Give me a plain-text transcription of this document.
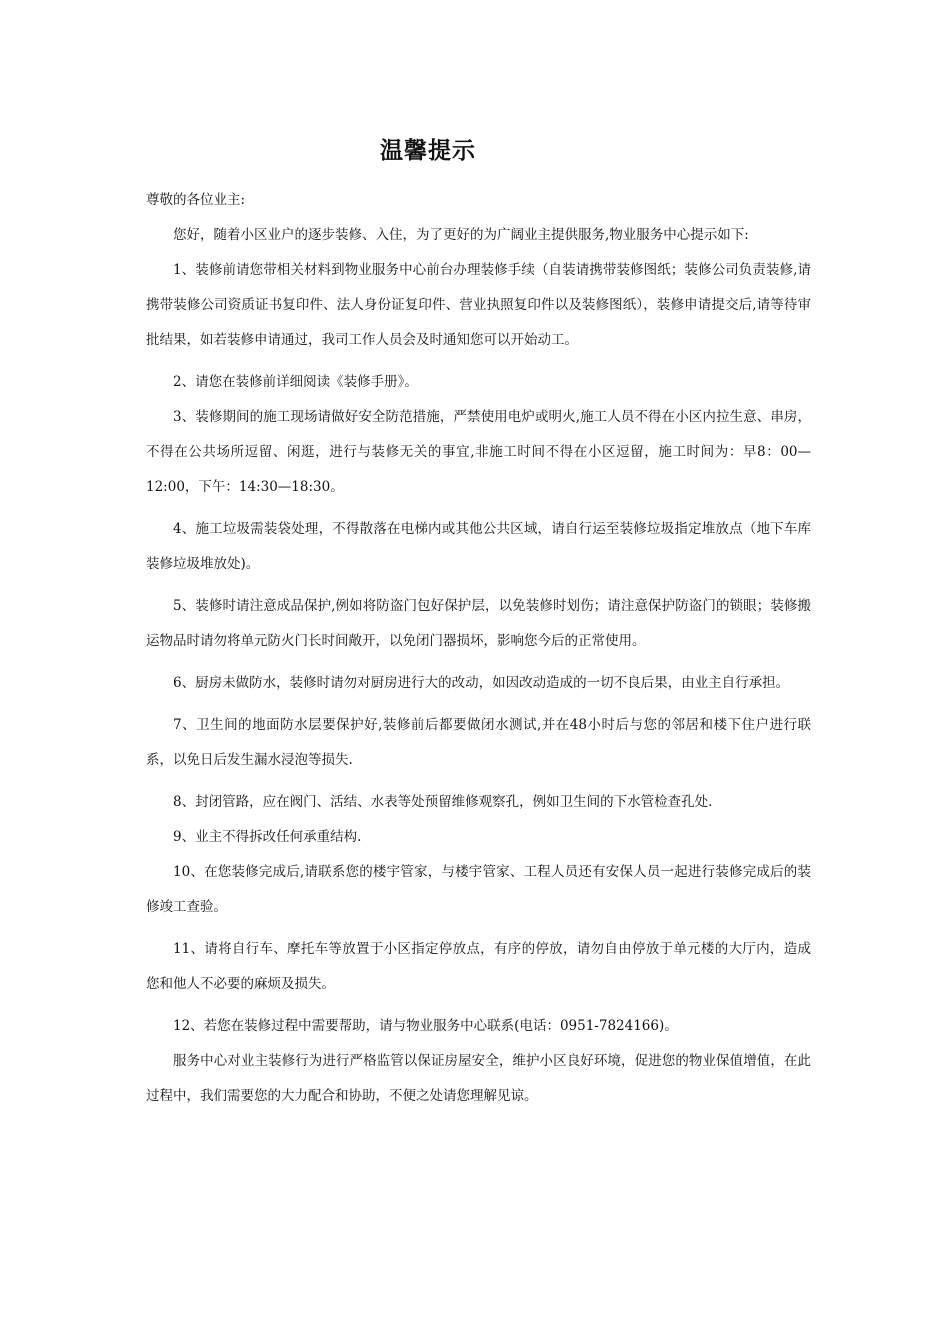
温馨提示

尊敬的各位业主:

您好，随着小区业户的逐步装修、入住，为了更好的为广阔业主提供服务,物业服务中心提示如下:

1、装修前请您带相关材料到物业服务中心前台办理装修手续（自装请携带装修图纸；装修公司负责装修,请携带装修公司资质证书复印件、法人身份证复印件、营业执照复印件以及装修图纸），装修申请提交后,请等待审批结果，如若装修申请通过，我司工作人员会及时通知您可以开始动工。

2、请您在装修前详细阅读《装修手册》。

3、装修期间的施工现场请做好安全防范措施，严禁使用电炉或明火,施工人员不得在小区内拉生意、串房，不得在公共场所逗留、闲逛，进行与装修无关的事宜,非施工时间不得在小区逗留，施工时间为：早8：00—12:00，下午：14:30—18:30。

4、施工垃圾需装袋处理，不得散落在电梯内或其他公共区域，请自行运至装修垃圾指定堆放点（地下车库装修垃圾堆放处)。

5、装修时请注意成品保护,例如将防盗门包好保护层，以免装修时划伤；请注意保护防盗门的锁眼；装修搬运物品时请勿将单元防火门长时间敞开，以免闭门器损坏，影响您今后的正常使用。

6、厨房未做防水，装修时请勿对厨房进行大的改动，如因改动造成的一切不良后果，由业主自行承担。

7、卫生间的地面防水层要保护好,装修前后都要做闭水测试,并在48小时后与您的邻居和楼下住户进行联系，以免日后发生漏水浸泡等损失.

8、封闭管路，应在阀门、活结、水表等处预留维修观察孔，例如卫生间的下水管检查孔处.

9、业主不得拆改任何承重结构.

10、在您装修完成后,请联系您的楼宇管家，与楼宇管家、工程人员还有安保人员一起进行装修完成后的装修竣工查验。

11、请将自行车、摩托车等放置于小区指定停放点，有序的停放，请勿自由停放于单元楼的大厅内，造成您和他人不必要的麻烦及损失。

12、若您在装修过程中需要帮助，请与物业服务中心联系(电话：0951-7824166)。

服务中心对业主装修行为进行严格监管以保证房屋安全，维护小区良好环境，促进您的物业保值增值，在此过程中，我们需要您的大力配合和协助，不便之处请您理解见谅。
